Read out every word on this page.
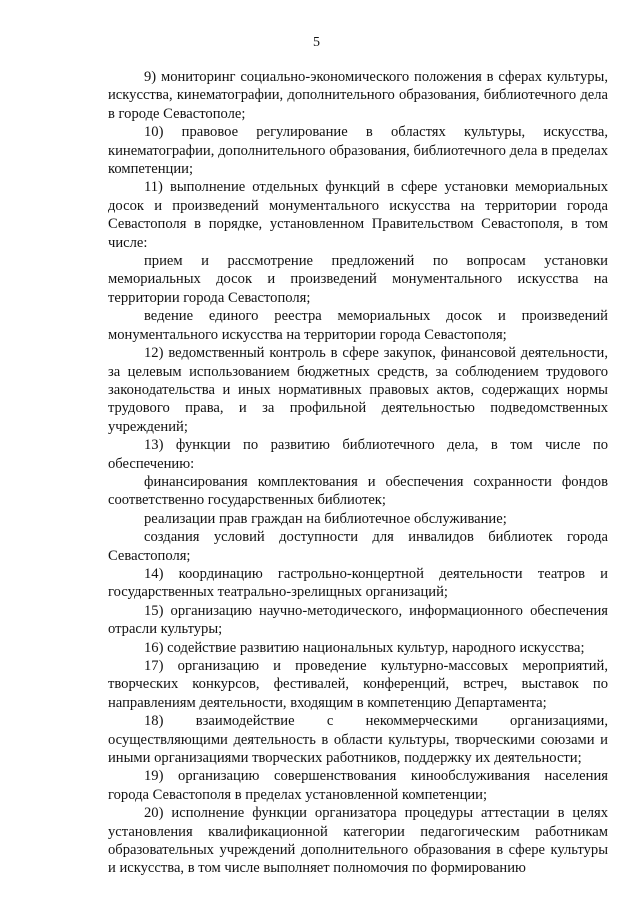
5

9) мониторинг социально-экономического положения в сферах культуры, искусства, кинематографии, дополнительного образования, библиотечного дела в городе Севастополе;

10) правовое регулирование в областях культуры, искусства, кинематографии, дополнительного образования, библиотечного дела в пределах компетенции;

11) выполнение отдельных функций в сфере установки мемориальных досок и произведений монументального искусства на территории города Севастополя в порядке, установленном Правительством Севастополя, в том числе:

прием и рассмотрение предложений по вопросам установки мемориальных досок и произведений монументального искусства на территории города Севастополя;

ведение единого реестра мемориальных досок и произведений монументального искусства на территории города Севастополя;

12) ведомственный контроль в сфере закупок, финансовой деятельности, за целевым использованием бюджетных средств, за соблюдением трудового законодательства и иных нормативных правовых актов, содержащих нормы трудового права, и за профильной деятельностью подведомственных учреждений;

13) функции по развитию библиотечного дела, в том числе по обеспечению:

финансирования комплектования и обеспечения сохранности фондов соответственно государственных библиотек;

реализации прав граждан на библиотечное обслуживание;

создания условий доступности для инвалидов библиотек города Севастополя;

14) координацию гастрольно-концертной деятельности театров и государственных театрально-зрелищных организаций;

15) организацию научно-методического, информационного обеспечения отрасли культуры;

16) содействие развитию национальных культур, народного искусства;

17) организацию и проведение культурно-массовых мероприятий, творческих конкурсов, фестивалей, конференций, встреч, выставок по направлениям деятельности, входящим в компетенцию Департамента;

18) взаимодействие с некоммерческими организациями, осуществляющими деятельность в области культуры, творческими союзами и иными организациями творческих работников, поддержку их деятельности;

19) организацию совершенствования кинообслуживания населения города Севастополя в пределах установленной компетенции;

20) исполнение функции организатора процедуры аттестации в целях установления квалификационной категории педагогическим работникам образовательных учреждений дополнительного образования в сфере культуры и искусства, в том числе выполняет полномочия по формированию
